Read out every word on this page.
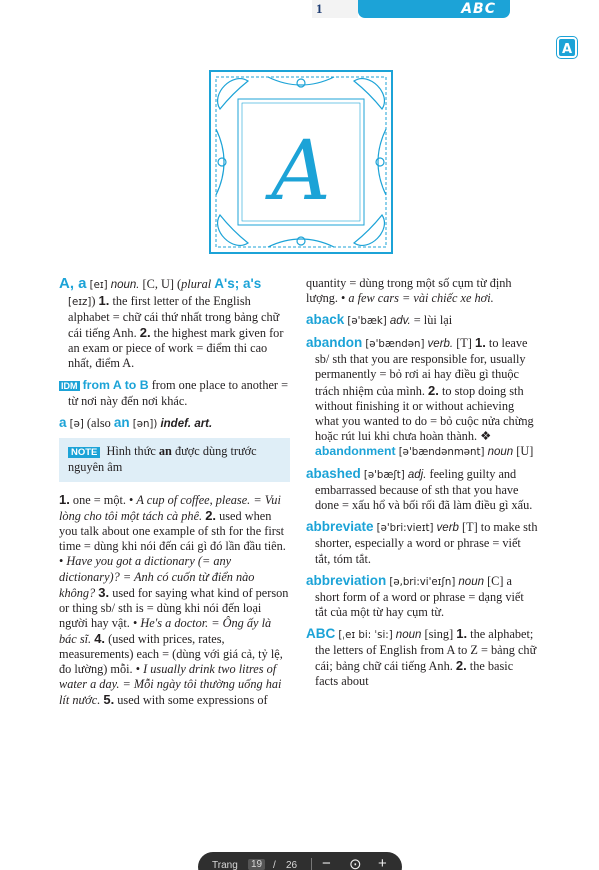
1	ABC
A
A
A, a [eɪ] noun. [C, U] (plural A's; a's [eɪz]) 1. the first letter of the English alphabet = chữ cái thứ nhất trong bảng chữ cái tiếng Anh. 2. the highest mark given for an exam or piece of work = điểm thi cao nhất, điểm A.
IDM from A to B from one place to another = từ nơi này đến nơi khác.
a [ə] (also an [ən]) indef. art.
NOTE Hình thức an được dùng trước nguyên âm
1. one = một. • A cup of coffee, please. = Vui lòng cho tôi một tách cà phê. 2. used when you talk about one example of sth for the first time = dùng khi nói đến cái gì đó lần đầu tiên. • Have you got a dictionary (= any dictionary)? = Anh có cuốn từ điển nào không? 3. used for saying what kind of person or thing sb/ sth is = dùng khi nói đến loại người hay vật. • He's a doctor. = Ông ấy là bác sĩ. 4. (used with prices, rates, measurements) each = (dùng với giá cả, tỷ lệ, đo lường) mỗi. • I usually drink two litres of water a day. = Mỗi ngày tôi thường uống hai lít nước. 5. used with some expressions of
quantity = dùng trong một số cụm từ định lượng. • a few cars = vài chiếc xe hơi.
aback [ə'bæk] adv. = lùi lại
abandon [ə'bændən] verb. [T] 1. to leave sb/ sth that you are responsible for, usually permanently = bỏ rơi ai hay điều gì thuộc trách nhiệm của mình. 2. to stop doing sth without finishing it or without achieving what you wanted to do = bỏ cuộc nửa chừng hoặc rút lui khi chưa hoàn thành. ❖ abandonment [ə'bændənmənt] noun [U]
abashed [ə'bæʃt] adj. feeling guilty and embarrassed because of sth that you have done = xấu hổ và bối rối đã làm điều gì xấu.
abbreviate [ə'bri:vieɪt] verb [T] to make sth shorter, especially a word or phrase = viết tắt, tóm tắt.
abbreviation [ə,bri:vi'eɪʃn] noun [C] a short form of a word or phrase = dạng viết tắt của một từ hay cụm từ.
ABC [ˌeɪ bi: ˈsi:] noun [sing] 1. the alphabet; the letters of English from A to Z = bảng chữ cái; bảng chữ cái tiếng Anh. 2. the basic facts about
Trang	19	/ 26 − ⊙ +
